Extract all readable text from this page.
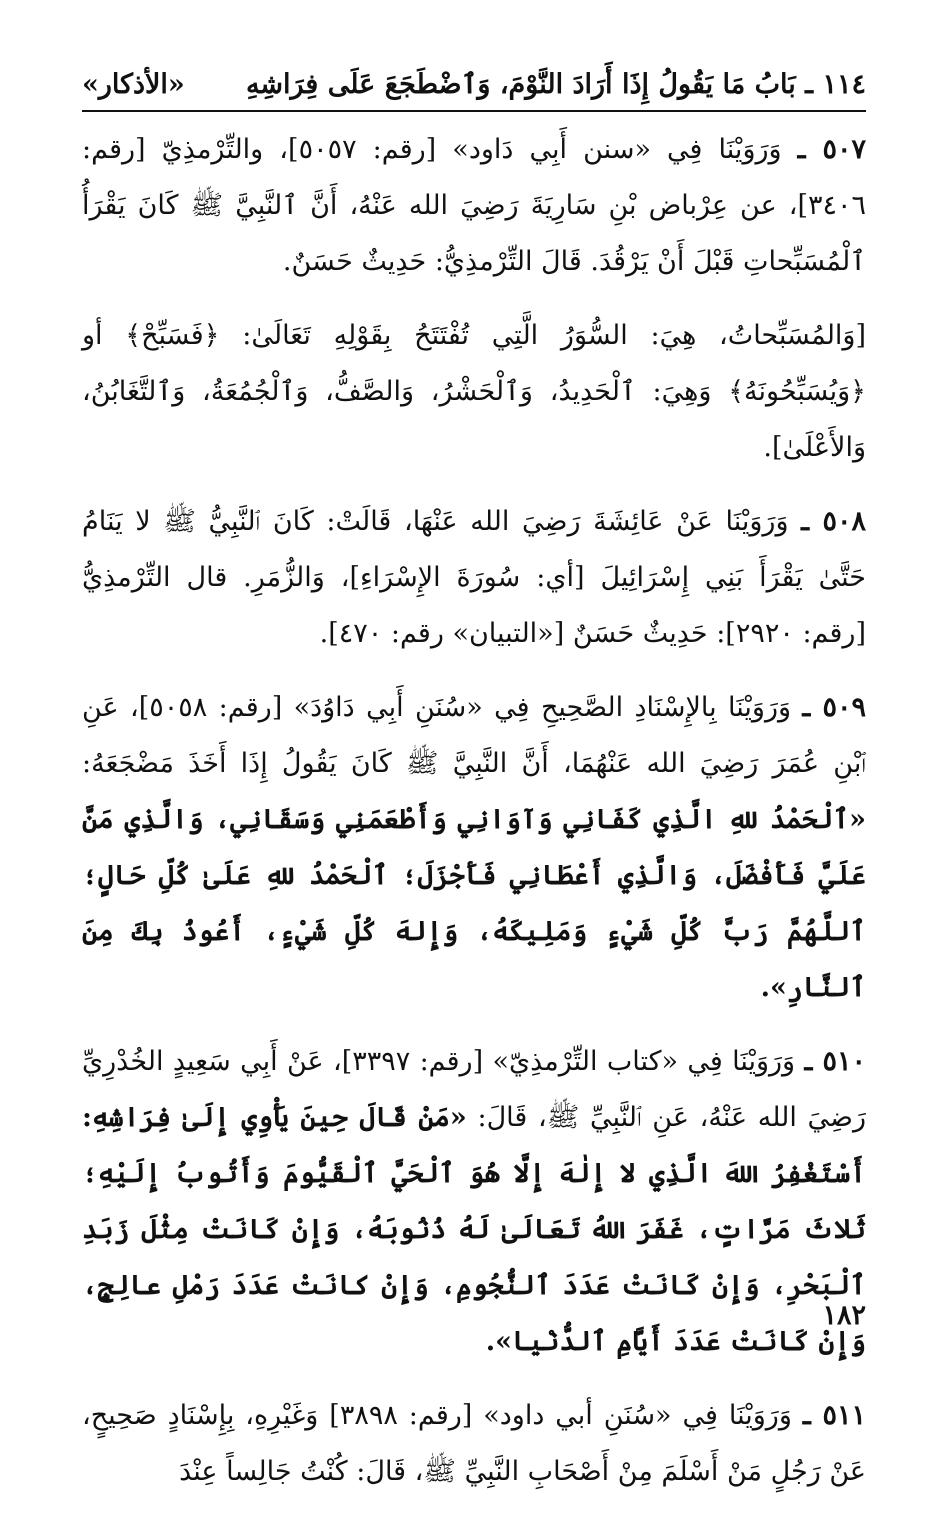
١١٤ ـ بَابُ مَا يَقُولُ إِذَا أَرَادَ النَّوْمَ، وَٱضْطَجَعَ عَلَى فِرَاشِهِ
«الأذكار»

٥٠٧ ـ وَرَوَيْنَا فِي «سنن أَبِي دَاود» [رقم: ٥٠٥٧]، والتِّرْمذِيّ [رقم: ٣٤٠٦]، عن عِرْباض بْنِ سَارِيَةَ رَضِيَ الله عَنْهُ، أَنَّ ٱلنَّبِيَّ ﷺ كَانَ يَقْرَأُ ٱلْمُسَبِّحاتِ قَبْلَ أَنْ يَرْقُدَ. قَالَ التِّرْمذِيُّ: حَدِيثٌ حَسَنٌ.

[وَالمُسَبِّحاتُ، هِيَ: السُّوَرُ الَّتِي تُفْتَتَحُ بِقَوْلِهِ تَعَالَىٰ: ﴿فَسَبِّحْ﴾ أو ﴿وَيُسَبِّحُونَهُ﴾ وَهِيَ: ٱلْحَدِيدُ، وَٱلْحَشْرُ، وَالصَّفُّ، وَٱلْجُمُعَةُ، وَٱلتَّغَابُنُ، وَالأَعْلَىٰ].

٥٠٨ ـ وَرَوَيْنَا عَنْ عَائِشَةَ رَضِيَ الله عَنْهَا، قَالَتْ: كَانَ ٱلنَّبِيُّ ﷺ لا يَنَامُ حَتَّىٰ يَقْرَأَ بَنِي إِسْرَائِيلَ [أي: سُورَةَ الإِسْرَاءِ]، وَالزُّمَرِ. قال التِّرْمذِيُّ [رقم: ٢٩٢٠]: حَدِيثٌ حَسَنٌ [«التبيان» رقم: ٤٧٠].

٥٠٩ ـ وَرَوَيْنَا بِالإِسْنَادِ الصَّحِيحِ فِي «سُنَنِ أَبِي دَاوُدَ» [رقم: ٥٠٥٨]، عَنِ ٱبْنِ عُمَرَ رَضِيَ الله عَنْهُمَا، أَنَّ النَّبِيَّ ﷺ كَانَ يَقُولُ إِذَا أَخَذَ مَضْجَعَهُ: «ٱلْحَمْدُ للهِ الَّذِي كَفَانِي وَآوَانِي وَأَطْعَمَنِي وَسَقَانِي، وَالَّذِي مَنَّ عَلَيَّ فَأَفْضَلَ، وَالَّذِي أَعْطَانِي فَأَجْزَلَ؛ ٱلْحَمْدُ للهِ عَلَىٰ كُلِّ حَالٍ؛ ٱللَّهُمَّ رَبَّ كُلِّ شَيْءٍ وَمَلِيكَهُ، وَإِلهَ كُلِّ شَيْءٍ، أَعُوذُ بِكَ مِنَ ٱلنَّارِ».

٥١٠ ـ وَرَوَيْنَا فِي «كتاب التِّرْمذِيّ» [رقم: ٣٣٩٧]، عَنْ أَبِي سَعِيدٍ الخُدْرِيِّ رَضِيَ الله عَنْهُ، عَنِ ٱلنَّبِيِّ ﷺ، قَالَ: «مَنْ قَالَ حِينَ يَأْوِي إِلَىٰ فِرَاشِهِ: أَسْتَغْفِرُ اللهَ الَّذِي لا إِلٰهَ إِلَّا هُوَ ٱلْحَيَّ ٱلْقَيُّومَ وَأَتُوبُ إِلَيْهِ؛ ثَلاثَ مَرَّاتٍ، غَفَرَ اللهُ تَعَالَىٰ لَهُ ذُنُوبَهُ، وَإِنْ كَانَتْ مِثْلَ زَبَدِ ٱلْبَحْرِ، وَإِنْ كَانَتْ عَدَدَ ٱلنُّجُومِ، وَإِنْ كانَتْ عَدَدَ رَمْلِ عالِجٍ، وَإِنْ كَانَتْ عَدَدَ أَيَّامِ ٱلدُّنْيا».

٥١١ ـ وَرَوَيْنَا فِي «سُنَنِ أبي داود» [رقم: ٣٨٩٨] وَغَيْرِهِ، بِإِسْنَادٍ صَحِيحٍ، عَنْ رَجُلٍ مَنْ أَسْلَمَ مِنْ أَصْحَابِ النَّبِيِّ ﷺ، قَالَ: كُنْتُ جَالِساً عِنْدَ

١٨٢
